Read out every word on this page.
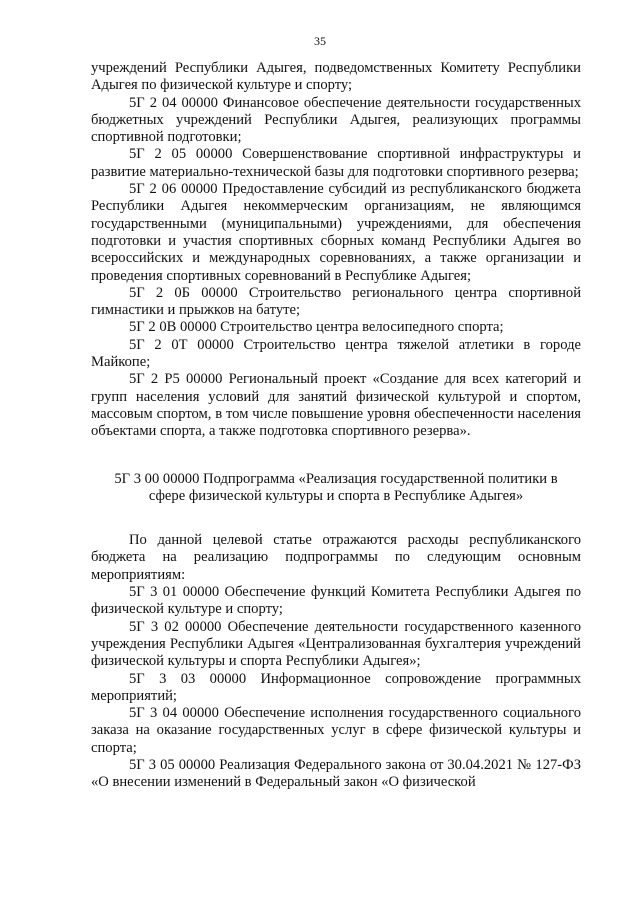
35

учреждений Республики Адыгея, подведомственных Комитету Республики Адыгея по физической культуре и спорту;

5Г 2 04 00000 Финансовое обеспечение деятельности государственных бюджетных учреждений Республики Адыгея, реализующих программы спортивной подготовки;

5Г 2 05 00000 Совершенствование спортивной инфраструктуры и развитие материально-технической базы для подготовки спортивного резерва;

5Г 2 06 00000 Предоставление субсидий из республиканского бюджета Республики Адыгея некоммерческим организациям, не являющимся государственными (муниципальными) учреждениями, для обеспечения подготовки и участия спортивных сборных команд Республики Адыгея во всероссийских и международных соревнованиях, а также организации и проведения спортивных соревнований в Республике Адыгея;

5Г 2 0Б 00000 Строительство регионального центра спортивной гимнастики и прыжков на батуте;

5Г 2 0В 00000 Строительство центра велосипедного спорта;

5Г 2 0Т 00000 Строительство центра тяжелой атлетики в городе Майкопе;

5Г 2 Р5 00000 Региональный проект «Создание для всех категорий и групп населения условий для занятий физической культурой и спортом, массовым спортом, в том числе повышение уровня обеспеченности населения объектами спорта, а также подготовка спортивного резерва».

5Г 3 00 00000 Подпрограмма «Реализация государственной политики в сфере физической культуры и спорта в Республике Адыгея»

По данной целевой статье отражаются расходы республиканского бюджета на реализацию подпрограммы по следующим основным мероприятиям:

5Г 3 01 00000 Обеспечение функций Комитета Республики Адыгея по физической культуре и спорту;

5Г 3 02 00000 Обеспечение деятельности государственного казенного учреждения Республики Адыгея «Централизованная бухгалтерия учреждений физической культуры и спорта Республики Адыгея»;

5Г 3 03 00000 Информационное сопровождение программных мероприятий;

5Г 3 04 00000 Обеспечение исполнения государственного социального заказа на оказание государственных услуг в сфере физической культуры и спорта;

5Г 3 05 00000 Реализация Федерального закона от 30.04.2021 № 127-ФЗ «О внесении изменений в Федеральный закон «О физической
